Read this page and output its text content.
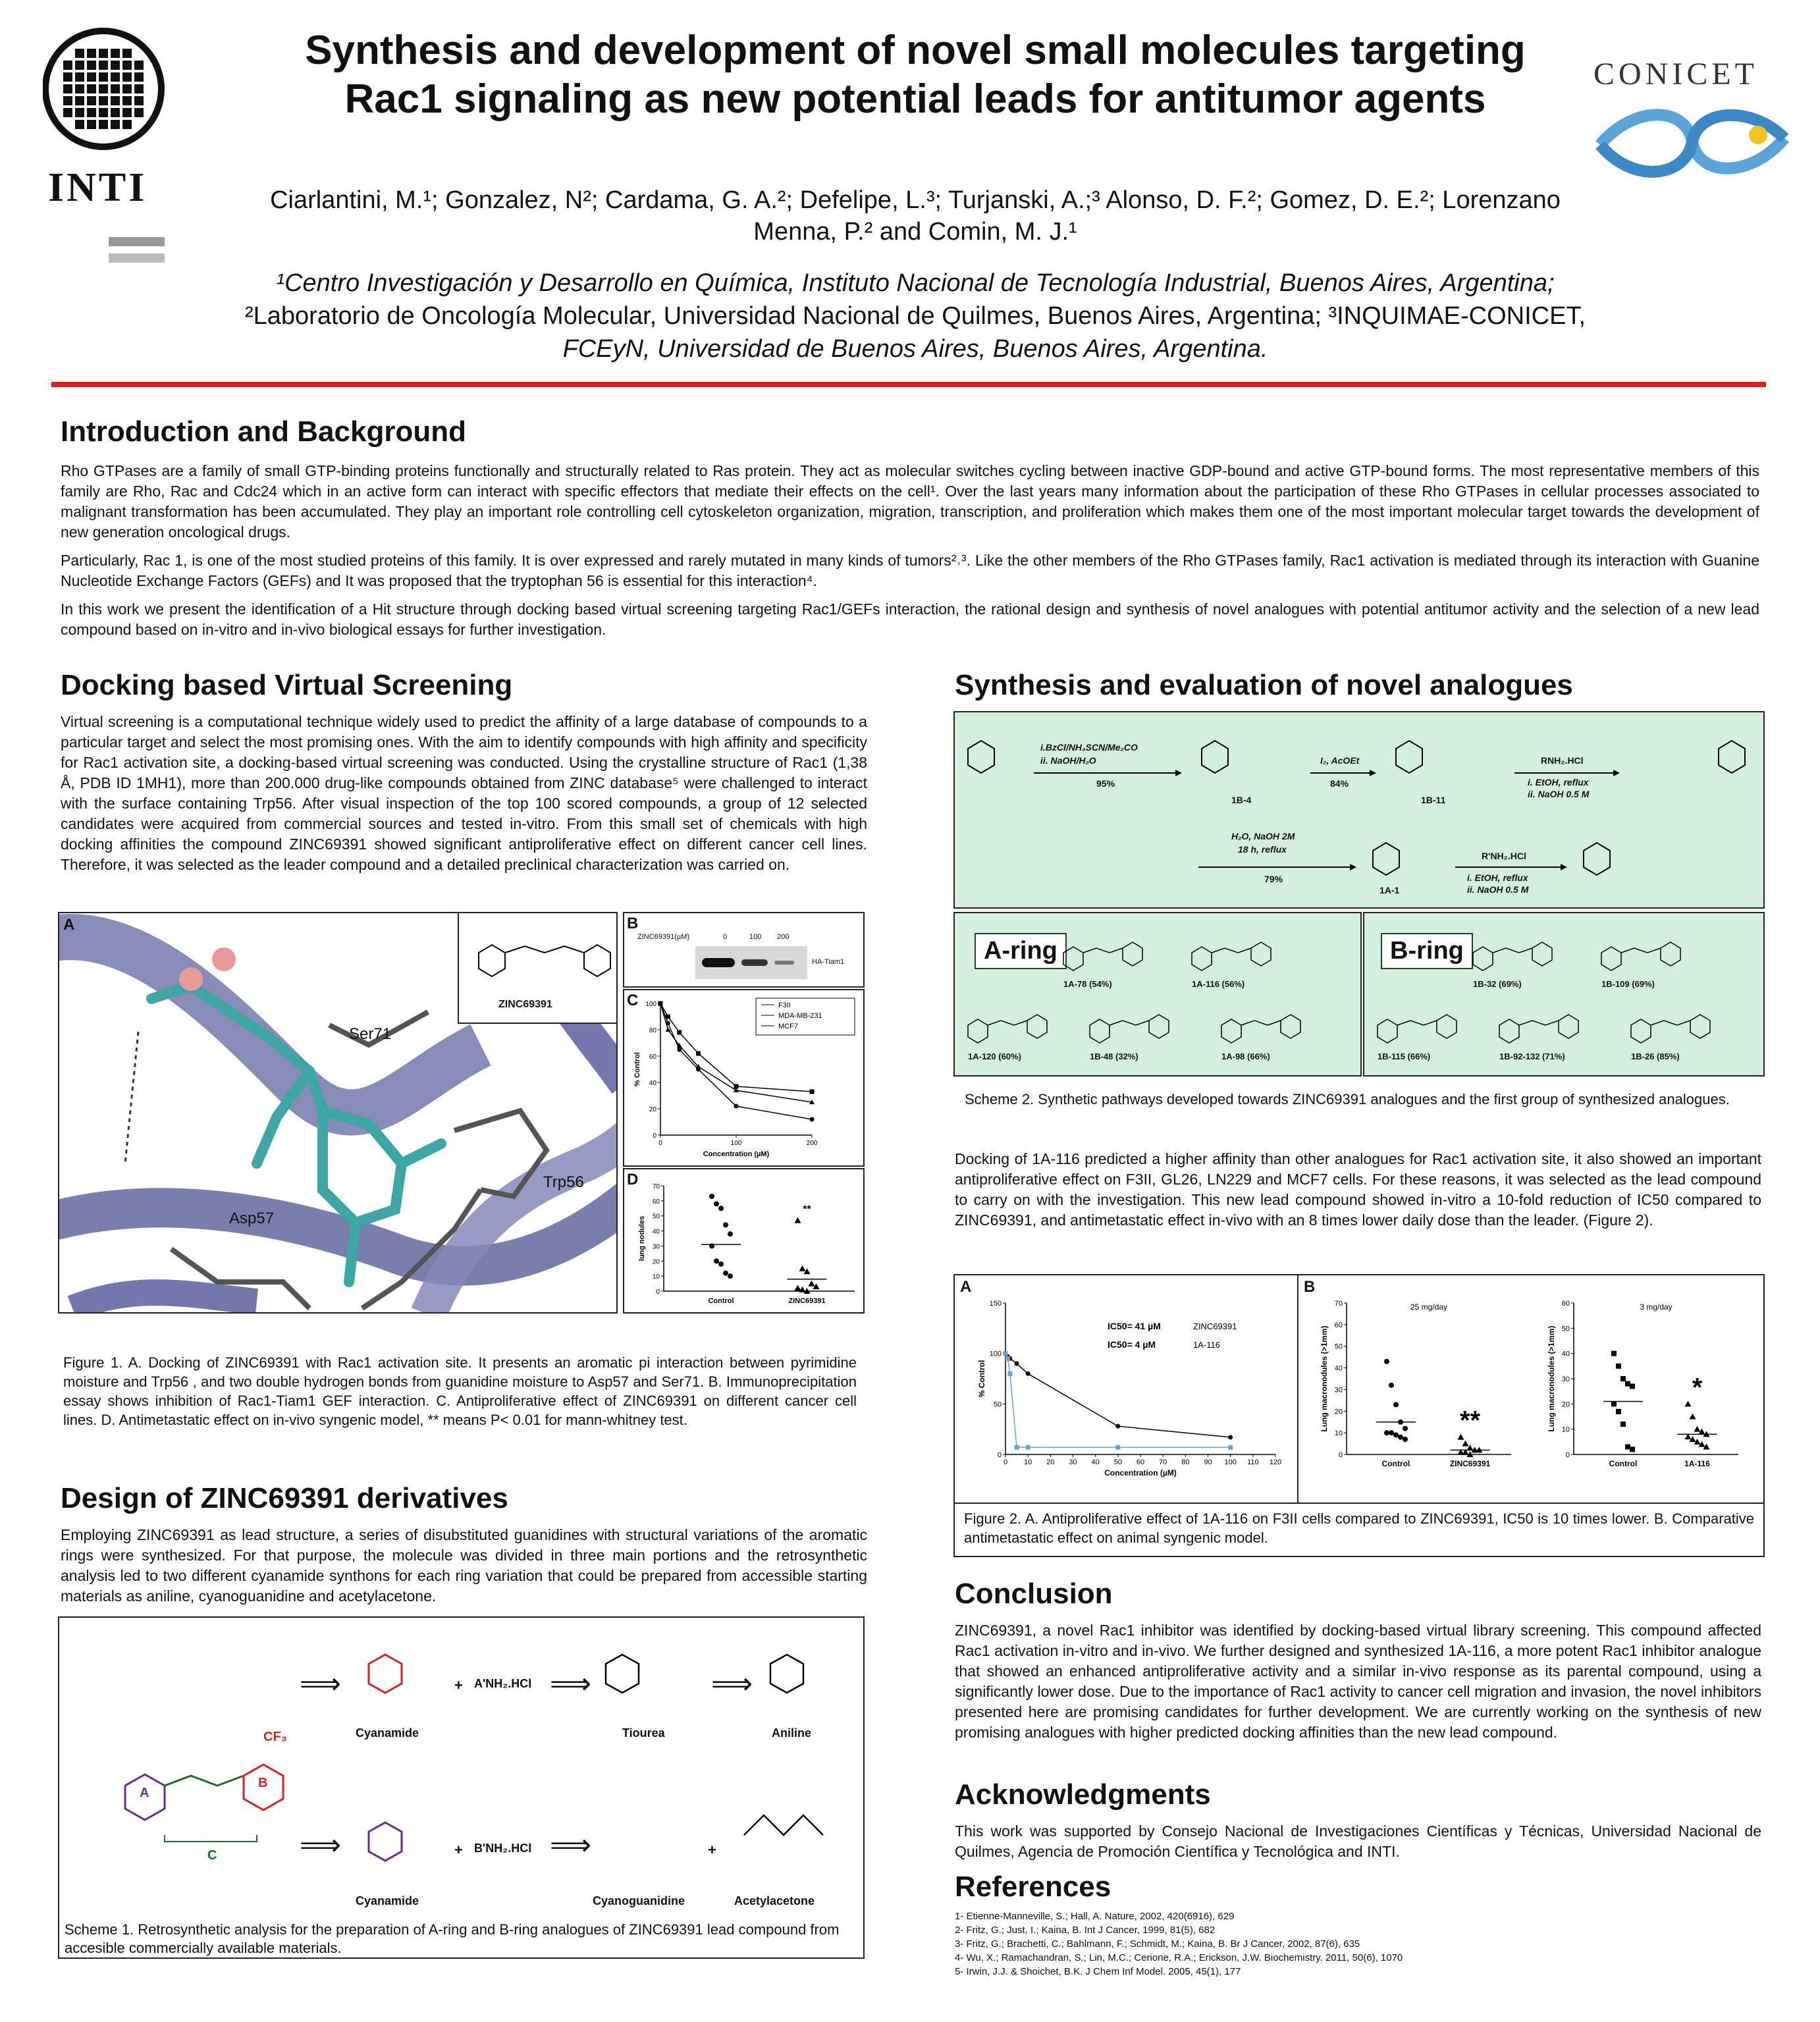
INTI
CONICET
Synthesis and development of novel small molecules targeting
Rac1 signaling as new potential leads for antitumor agents
Ciarlantini, M.¹; Gonzalez, N²; Cardama, G. A.²; Defelipe, L.³; Turjanski, A.;³ Alonso, D. F.²; Gomez, D. E.²; Lorenzano
Menna, P.² and Comin, M. J.¹
¹Centro Investigación y Desarrollo en Química, Instituto Nacional de Tecnología Industrial, Buenos Aires, Argentina;
²Laboratorio de Oncología Molecular, Universidad Nacional de Quilmes, Buenos Aires, Argentina; ³INQUIMAE-CONICET,
FCEyN, Universidad de Buenos Aires, Buenos Aires, Argentina.
Introduction and Background

Rho GTPases are a family of small GTP-binding proteins functionally and structurally related to Ras protein. They act as molecular switches cycling between inactive GDP-bound and active GTP-bound forms. The most representative members of this family are Rho, Rac and Cdc24 which in an active form can interact with specific effectors that mediate their effects on the cell¹. Over the last years many information about the participation of these Rho GTPases in cellular processes associated to malignant transformation has been accumulated. They play an important role controlling cell cytoskeleton organization, migration, transcription, and proliferation which makes them one of the most important molecular target towards the development of new generation oncological drugs.

Particularly, Rac 1, is one of the most studied proteins of this family. It is over expressed and rarely mutated in many kinds of tumors²˒³. Like the other members of the Rho GTPases family, Rac1 activation is mediated through its interaction with Guanine Nucleotide Exchange Factors (GEFs) and It was proposed that the tryptophan 56 is essential for this interaction⁴.

In this work we present the identification of a Hit structure through docking based virtual screening targeting Rac1/GEFs interaction, the rational design and synthesis of novel analogues with potential antitumor activity and the selection of a new lead compound based on in-vitro and in-vivo biological essays for further investigation.

Docking based Virtual Screening
Virtual screening is a computational technique widely used to predict the affinity of a large database of compounds to a particular target and select the most promising ones. With the aim to identify compounds with high affinity and specificity for Rac1 activation site, a docking-based virtual screening was conducted. Using the crystalline structure of Rac1 (1,38 Å, PDB ID 1MH1), more than 200.000 drug-like compounds obtained from ZINC database⁵ were challenged to interact with the surface containing Trp56. After visual inspection of the top 100 scored compounds, a group of 12 selected candidates were acquired from commercial sources and tested in-vitro. From this small set of chemicals with high docking affinities the compound ZINC69391 showed significant antiproliferative effect on different cancer cell lines. Therefore, it was selected as the leader compound and a detailed preclinical characterization was carried on.
A
Ser71
Trp56
Asp57
ZINC69391
B
ZINC69391(µM)	0	100 200
HA-Tiam1
C
0
20
40
60
80
100
0	100	200
Concentration (µM)
% Control
F3II
MDA-MB-231
MCF7
D
0
10
20
30
40
50
60
70
lung nodules
Control	ZINC69391
**
Figure 1. A. Docking of ZINC69391 with Rac1 activation site. It presents an aromatic pi interaction between pyrimidine moisture and Trp56 , and two double hydrogen bonds from guanidine moisture to Asp57 and Ser71. B. Immunoprecipitation essay shows inhibition of Rac1-Tiam1 GEF interaction. C. Antiproliferative effect of ZINC69391 on different cancer cell lines. D. Antimetastatic effect on in-vivo syngenic model, ** means P< 0.01 for mann-whitney test.
Design of ZINC69391 derivatives
Employing ZINC69391 as lead structure, a series of disubstituted guanidines with structural variations of the aromatic rings were synthesized. For that purpose, the molecule was divided in three main portions and the retrosynthetic analysis led to two different cyanamide synthons for each ring variation that could be prepared from accessible starting materials as aniline, cyanoguanidine and acetylacetone.
A
B
C
CF₃
⟹	+ A'NH₂.HCl ⟹	⟹
Cyanamide	Tiourea	Aniline
⟹	+ B'NH₂.HCl ⟹	+
Cyanamide	Cyanoguanidine	Acetylacetone
Scheme 1. Retrosynthetic analysis for the preparation of A-ring and B-ring analogues of ZINC69391 lead compound from accesible commercially available materials.
Synthesis and evaluation of novel analogues
i.BzCl/NH₄SCN/Me₂CO
ii. NaOH/H₂O
95%
1B-4
I₂, AcOEt
84%
1B-11
RNH₂.HCl
i. EtOH, reflux
ii. NaOH 0.5 M
H₂O, NaOH 2M
18 h, reflux
79%
1A-1
R'NH₂.HCl
i. EtOH, reflux
ii. NaOH 0.5 M
A-ring
1A-78 (54%)	1A-116 (56%)
1A-120 (60%)	1B-48 (32%)	1A-98 (66%)
B-ring
1B-32 (69%)	1B-109 (69%)
1B-115 (66%)	1B-92-132 (71%)	1B-26 (85%)
Scheme 2. Synthetic pathways developed towards ZINC69391 analogues and the first group of synthesized analogues.
Docking of 1A-116 predicted a higher affinity than other analogues for Rac1 activation site, it also showed an important antiproliferative effect on F3II, GL26, LN229 and MCF7 cells. For these reasons, it was selected as the lead compound to carry on with the investigation. This new lead compound showed in-vitro a 10-fold reduction of IC50 compared to ZINC69391, and antimetastatic effect in-vivo with an 8 times lower daily dose than the leader. (Figure 2).
A	B
0
50
100
150
0 10 20 30 40 50 60 70 80 90 100 110 120
Concentration (µM)
% Control
IC50= 41 µM
IC50= 4 µM
ZINC69391
1A-116
0
10
20
30
40
50
60
70
Lung macronodules (>1mm)
25 mg/day
Control	ZINC69391
**
0
10
20
30
40
50
60
Lung macronodules (>1mm)
3 mg/day
Control	1A-116
*
Figure 2. A. Antiproliferative effect of 1A-116 on F3II cells compared to ZINC69391, IC50 is 10 times lower. B. Comparative antimetastatic effect on animal syngenic model.
Conclusion
ZINC69391, a novel Rac1 inhibitor was identified by docking-based virtual library screening. This compound affected Rac1 activation in-vitro and in-vivo. We further designed and synthesized 1A-116, a more potent Rac1 inhibitor analogue that showed an enhanced antiproliferative activity and a similar in-vivo response as its parental compound, using a significantly lower dose. Due to the importance of Rac1 activity to cancer cell migration and invasion, the novel inhibitors presented here are promising candidates for further development. We are currently working on the synthesis of new promising analogues with higher predicted docking affinities than the new lead compound.
Acknowledgments
This work was supported by Consejo Nacional de Investigaciones Científicas y Técnicas, Universidad Nacional de Quilmes, Agencia de Promoción Científica y Tecnológica and INTI.
References
1- Etienne-Manneville, S.; Hall, A. Nature, 2002, 420(6916), 629
2- Fritz, G.; Just, I.; Kaina, B. Int J Cancer, 1999, 81(5), 682
3- Fritz, G.; Brachetti, C.; Bahlmann, F.; Schmidt, M.; Kaina, B. Br J Cancer, 2002, 87(6), 635
4- Wu, X.; Ramachandran, S.; Lin, M.C.; Cerione, R.A.; Erickson, J.W. Biochemistry. 2011, 50(6), 1070
5- Irwin, J.J. & Shoichet, B.K. J Chem Inf Model. 2005, 45(1), 177
